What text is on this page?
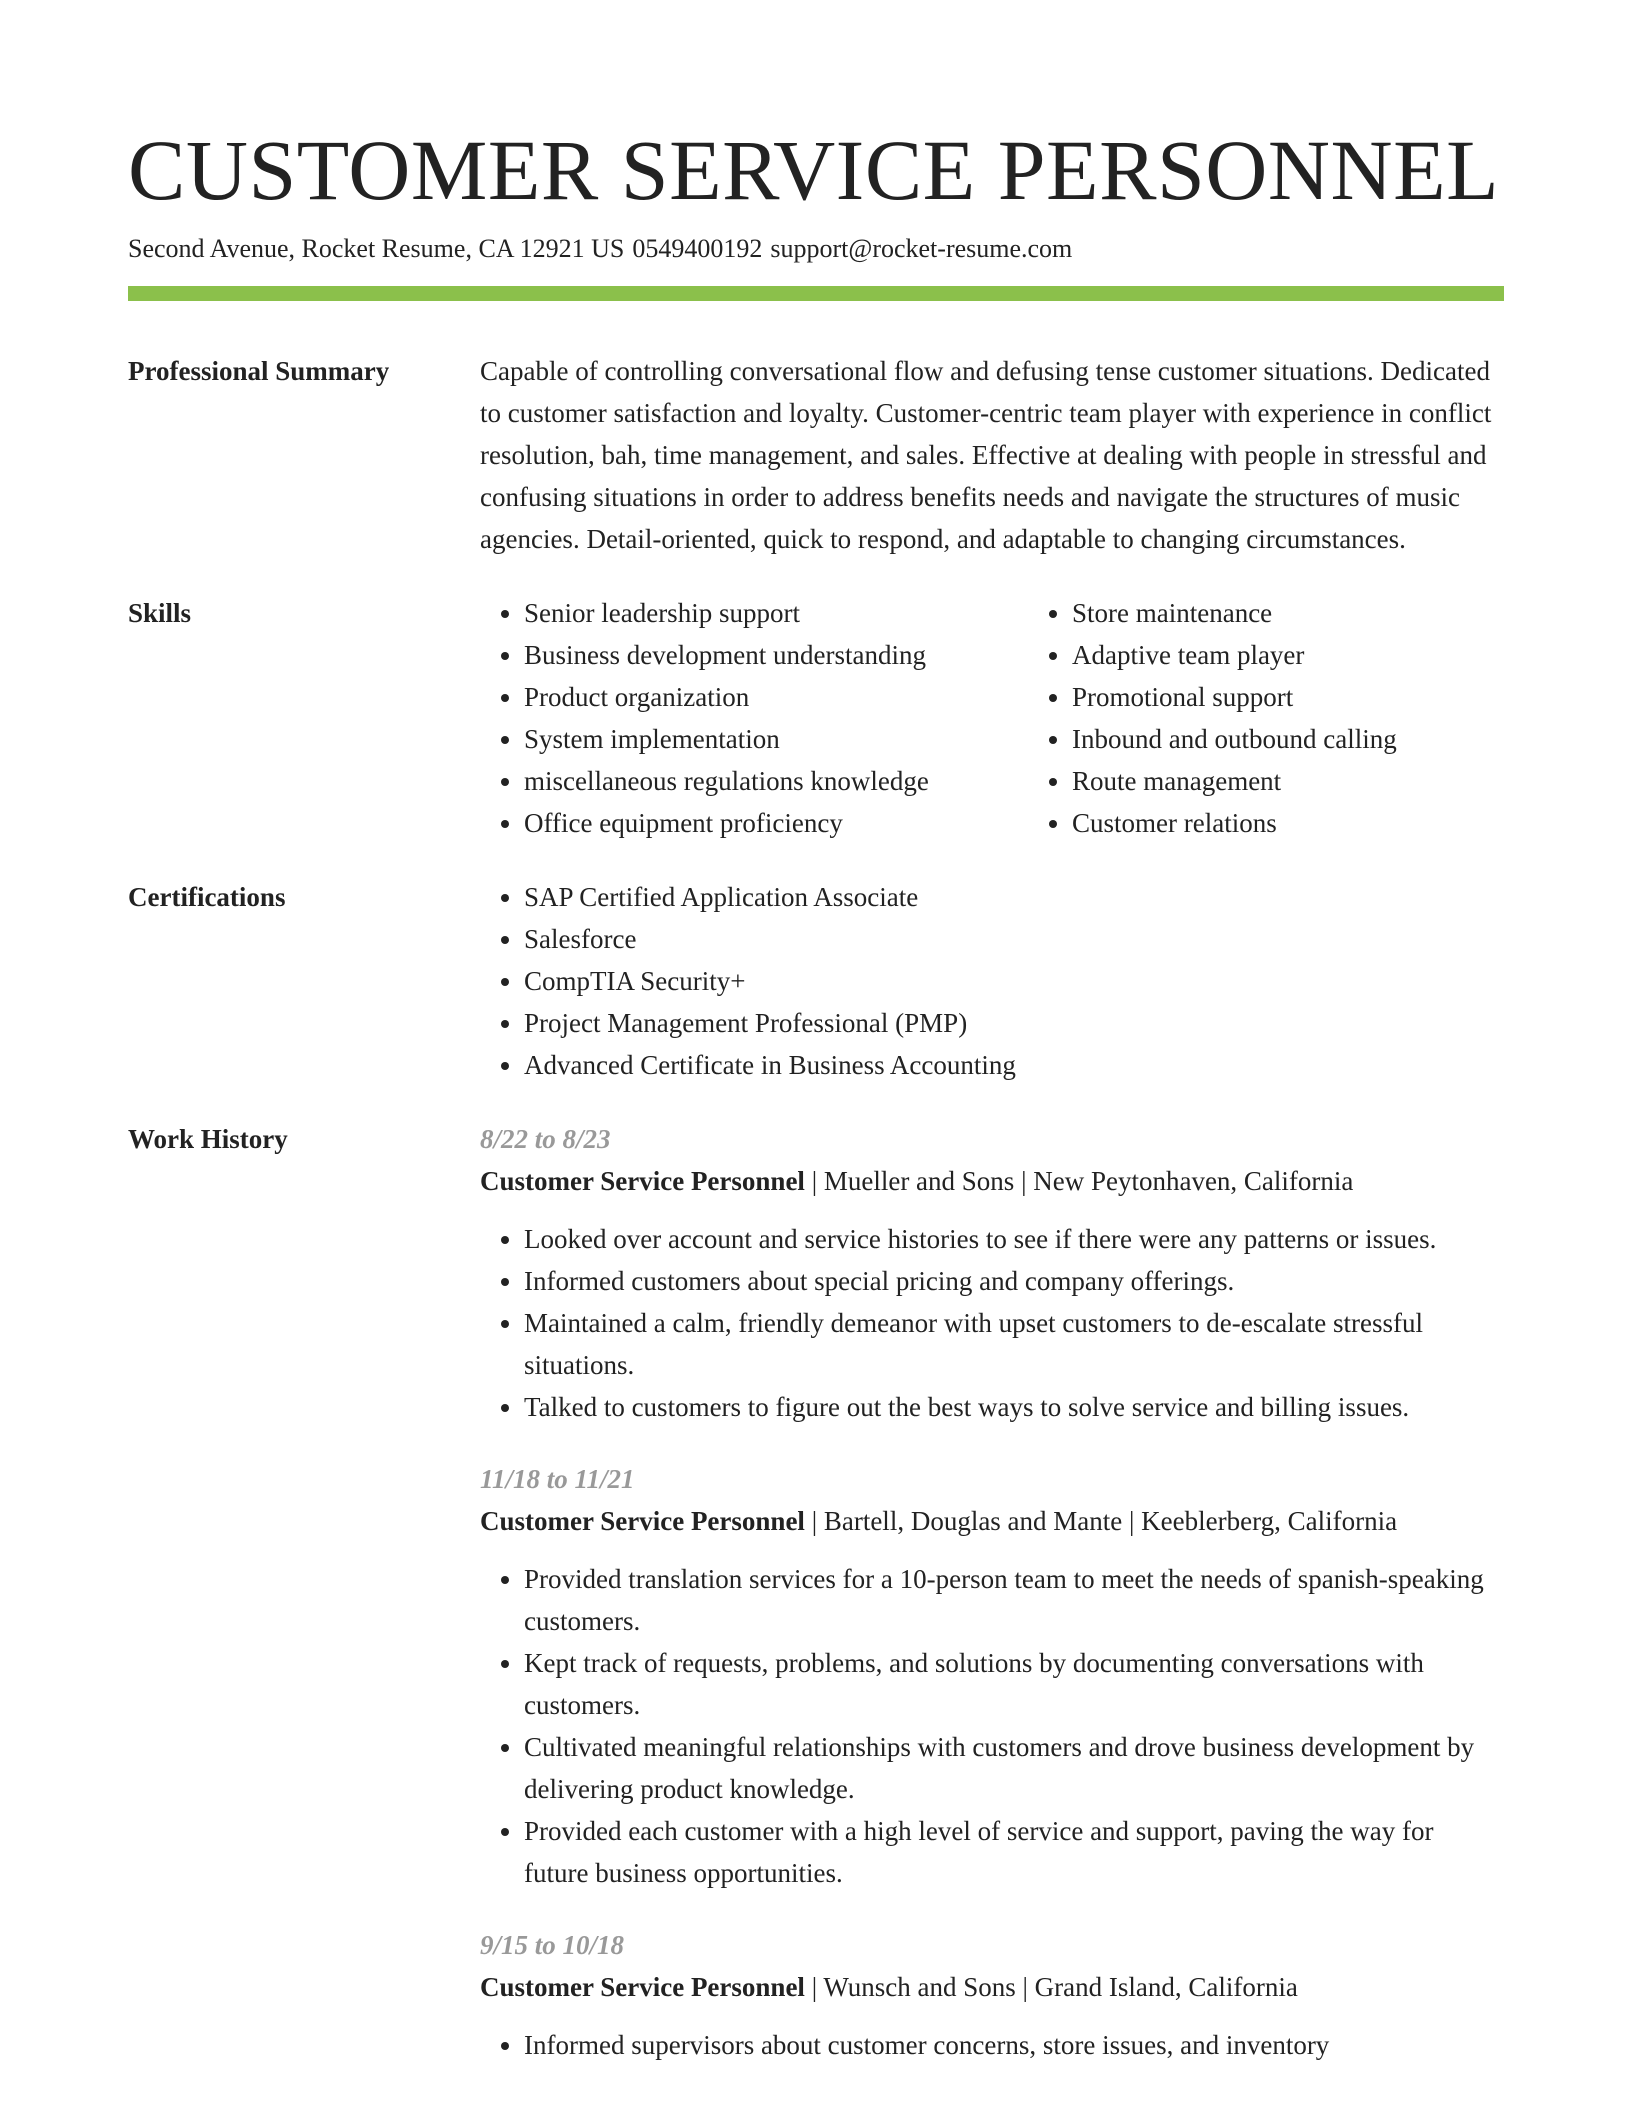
CUSTOMER SERVICE PERSONNEL
Second Avenue, Rocket Resume, CA 12921 US 0549400192 support@rocket-resume.com
Professional Summary	Capable of controlling conversational flow and defusing tense customer situations. Dedicated to customer satisfaction and loyalty. Customer-centric team player with experience in conflict resolution, bah, time management, and sales. Effective at dealing with people in stressful and confusing situations in order to address benefits needs and navigate the structures of music agencies. Detail-oriented, quick to respond, and adaptable to changing circumstances.

Skills	• Senior leadership support
• Business development understanding
• Product organization
• System implementation
• miscellaneous regulations knowledge
• Office equipment proficiency
• Store maintenance
• Adaptive team player
• Promotional support
• Inbound and outbound calling
• Route management
• Customer relations
Certifications	• SAP Certified Application Associate
• Salesforce
• CompTIA Security+
• Project Management Professional (PMP)
• Advanced Certificate in Business Accounting
Work History	8/22 to 8/23
Customer Service Personnel | Mueller and Sons | New Peytonhaven, California
• Looked over account and service histories to see if there were any patterns or issues.
• Informed customers about special pricing and company offerings.
• Maintained a calm, friendly demeanor with upset customers to de-escalate stressful situations.
• Talked to customers to figure out the best ways to solve service and billing issues.
11/18 to 11/21
Customer Service Personnel | Bartell, Douglas and Mante | Keeblerberg, California
• Provided translation services for a 10-person team to meet the needs of spanish-speaking customers.
• Kept track of requests, problems, and solutions by documenting conversations with customers.
• Cultivated meaningful relationships with customers and drove business development by delivering product knowledge.
• Provided each customer with a high level of service and support, paving the way for future business opportunities.
9/15 to 10/18
Customer Service Personnel | Wunsch and Sons | Grand Island, California
• Informed supervisors about customer concerns, store issues, and inventory
